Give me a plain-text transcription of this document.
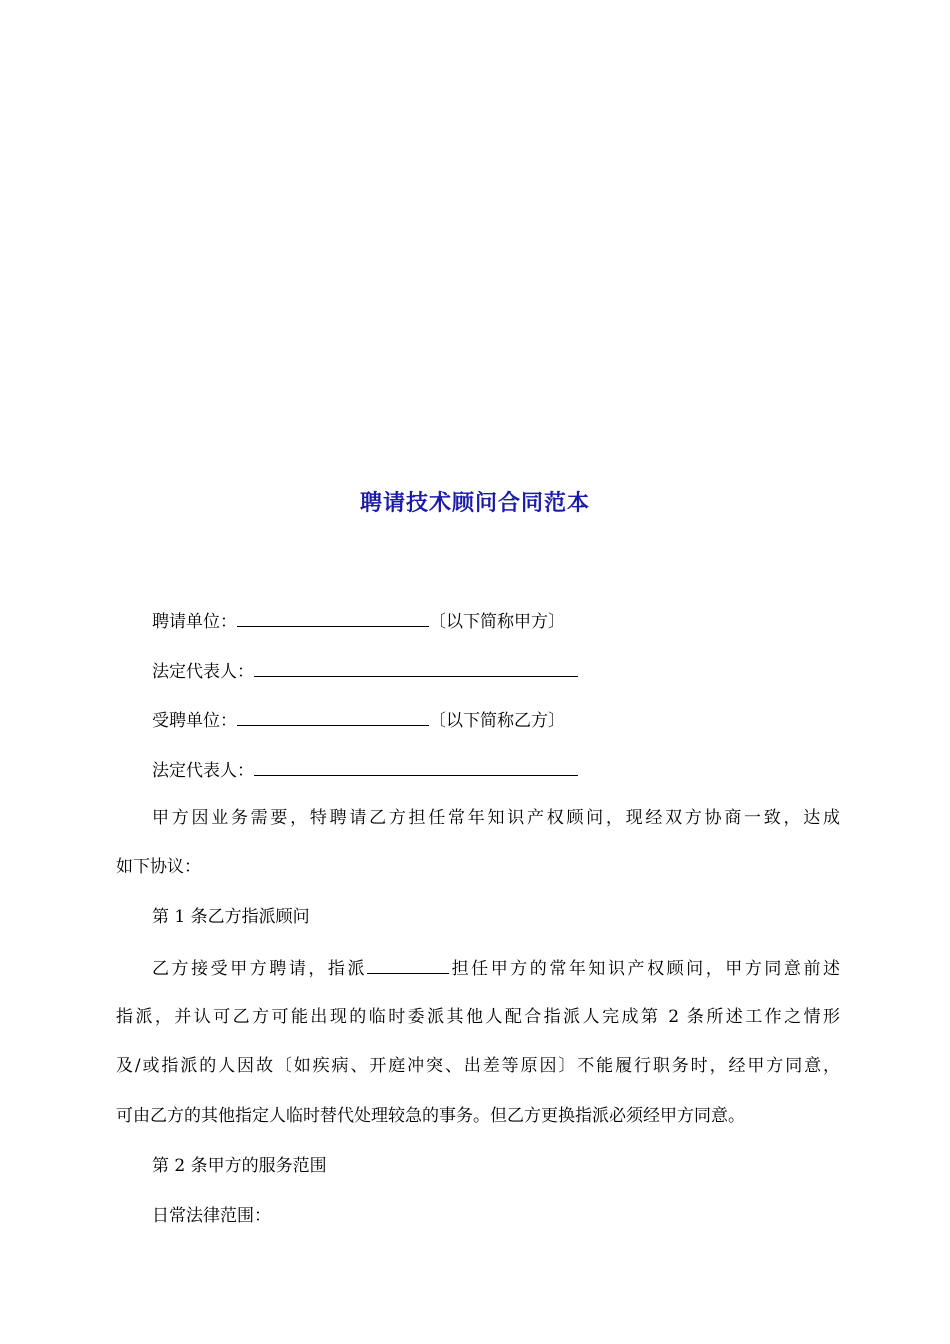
聘请技术顾问合同范本
聘请单位：	〔以下简称甲方〕
法定代表人：
受聘单位：	〔以下简称乙方〕
法定代表人：
甲方因业务需要，特聘请乙方担任常年知识产权顾问，现经双方协商一致，达成
如下协议：
第 1 条乙方指派顾问
乙方接受甲方聘请，指派	担任甲方的常年知识产权顾问，甲方同意前述
指派，并认可乙方可能出现的临时委派其他人配合指派人完成第 2 条所述工作之情形
及/或指派的人因故〔如疾病、开庭冲突、出差等原因〕不能履行职务时，经甲方同意，
可由乙方的其他指定人临时替代处理较急的事务。但乙方更换指派必须经甲方同意。
第 2 条甲方的服务范围
日常法律范围：
